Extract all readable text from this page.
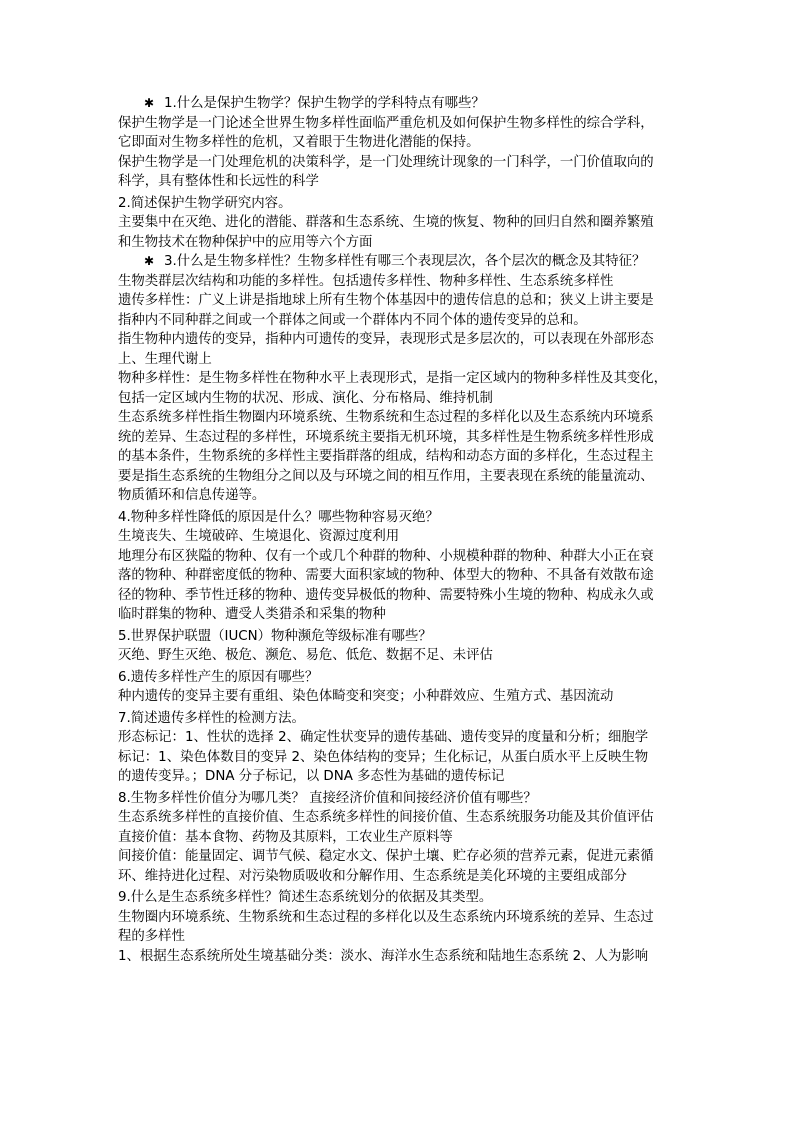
✱ 1.什么是保护生物学？保护生物学的学科特点有哪些？
保护生物学是一门论述全世界生物多样性面临严重危机及如何保护生物多样性的综合学科，
它即面对生物多样性的危机，又着眼于生物进化潜能的保持。
保护生物学是一门处理危机的决策科学，是一门处理统计现象的一门科学，一门价值取向的
科学，具有整体性和长远性的科学
2.简述保护生物学研究内容。
主要集中在灭绝、进化的潜能、群落和生态系统、生境的恢复、物种的回归自然和圈养繁殖
和生物技术在物种保护中的应用等六个方面
✱ 3.什么是生物多样性？生物多样性有哪三个表现层次，各个层次的概念及其特征？
生物类群层次结构和功能的多样性。包括遗传多样性、物种多样性、生态系统多样性
遗传多样性：广义上讲是指地球上所有生物个体基因中的遗传信息的总和；狭义上讲主要是
指种内不同种群之间或一个群体之间或一个群体内不同个体的遗传变异的总和。
指生物种内遗传的变异，指种内可遗传的变异，表现形式是多层次的，可以表现在外部形态
上、生理代谢上
物种多样性：是生物多样性在物种水平上表现形式，是指一定区域内的物种多样性及其变化，
包括一定区域内生物的状况、形成、演化、分布格局、维持机制
生态系统多样性指生物圈内环境系统、生物系统和生态过程的多样化以及生态系统内环境系
统的差异、生态过程的多样性，环境系统主要指无机环境，其多样性是生物系统多样性形成
的基本条件，生物系统的多样性主要指群落的组成，结构和动态方面的多样化，生态过程主
要是指生态系统的生物组分之间以及与环境之间的相互作用，主要表现在系统的能量流动、
物质循环和信息传递等。
4.物种多样性降低的原因是什么？哪些物种容易灭绝？
生境丧失、生境破碎、生境退化、资源过度利用
地理分布区狭隘的物种、仅有一个或几个种群的物种、小规模种群的物种、种群大小正在衰
落的物种、种群密度低的物种、需要大面积家域的物种、体型大的物种、不具备有效散布途
径的物种、季节性迁移的物种、遗传变异极低的物种、需要特殊小生境的物种、构成永久或
临时群集的物种、遭受人类猎杀和采集的物种
5.世界保护联盟（IUCN）物种濒危等级标准有哪些？
灭绝、野生灭绝、极危、濒危、易危、低危、数据不足、未评估
6.遗传多样性产生的原因有哪些？
种内遗传的变异主要有重组、染色体畸变和突变；小种群效应、生殖方式、基因流动
7.简述遗传多样性的检测方法。
形态标记：1、性状的选择 2、确定性状变异的遗传基础、遗传变异的度量和分析；细胞学
标记：1、染色体数目的变异 2、染色体结构的变异；生化标记，从蛋白质水平上反映生物
的遗传变异。；DNA 分子标记，以 DNA 多态性为基础的遗传标记
8.生物多样性价值分为哪几类？ 直接经济价值和间接经济价值有哪些？
生态系统多样性的直接价值、生态系统多样性的间接价值、生态系统服务功能及其价值评估
直接价值：基本食物、药物及其原料，工农业生产原料等
间接价值：能量固定、调节气候、稳定水文、保护土壤、贮存必须的营养元素，促进元素循
环、维持进化过程、对污染物质吸收和分解作用、生态系统是美化环境的主要组成部分
9.什么是生态系统多样性？简述生态系统划分的依据及其类型。
生物圈内环境系统、生物系统和生态过程的多样化以及生态系统内环境系统的差异、生态过
程的多样性
1、根据生态系统所处生境基础分类：淡水、海洋水生态系统和陆地生态系统 2、人为影响
